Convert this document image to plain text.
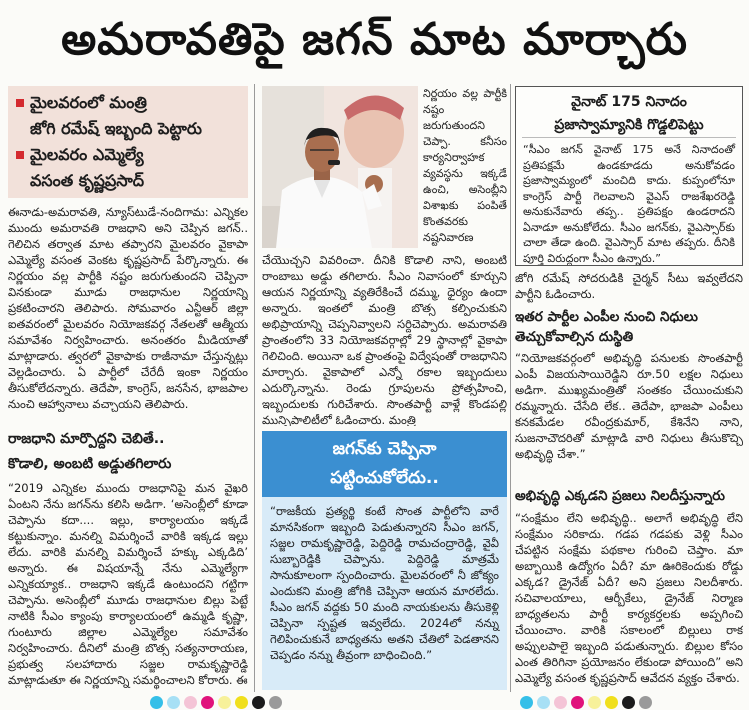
అమరావతిపై జగన్ మాట మార్చారు
మైలవరంలో మంత్రి
జోగి రమేష్ ఇబ్బంది పెట్టారు
మైలవరం ఎమ్మెల్యే
వసంత కృష్ణప్రసాద్
ఈనాడు-అమరావతి, న్యూస్‌టుడే-నందిగామ: ఎన్నికల ముందు అమరావతి రాజధాని అని చెప్పిన జగన్.. గెలిచిన తర్వాత మాట తప్పారని మైలవరం వైకాపా ఎమ్మెల్యే వసంత వెంకట కృష్ణప్రసాద్ పేర్కొన్నారు. ఈ నిర్ణయం వల్ల పార్టీకి నష్టం జరుగుతుందని చెప్పినా వినకుండా మూడు రాజధానుల నిర్ణయాన్ని ప్రకటించారని తెలిపారు. సోమవారం ఎన్టీఆర్ జిల్లా ఐతవరంలో మైలవరం నియోజకవర్గ నేతలతో ఆత్మీయ సమావేశం నిర్వహించారు. అనంతరం మీడియాతో మాట్లాడారు. త్వరలో వైకాపాకు రాజీనామా చేస్తున్నట్లు వెల్లడించారు. ఏ పార్టీలో చేరేదీ ఇంకా నిర్ణయం తీసుకోలేదన్నారు. తెదేపా, కాంగ్రెస్, జనసేన, భాజపాల నుంచి ఆహ్వానాలు వచ్చాయని తెలిపారు.
రాజధాని మార్పొద్దని చెబితే..
కొడాలి, అంబటి అడ్డుతగిలారు
“2019 ఎన్నికల ముందు రాజధానిపై మన వైఖరి ఏంటని నేను జగన్‌ను కలిసి అడిగా. ‘అసెంబ్లీలో కూడా చెప్పాను కదా.... ఇల్లు, కార్యాలయం ఇక్కడే కట్టుకున్నాం. మనల్ని విమర్శించే వారికి ఇక్కడ ఇల్లు లేదు. వారికి మనల్ని విమర్శించే హక్కు ఎక్కడిది’ అన్నారు. ఈ విషయాన్నే నేను ఎమ్మెల్యేగా ఎన్నికయ్యాక.. రాజధాని ఇక్కడే ఉంటుందని గట్టిగా చెప్పాను. అసెంబ్లీలో మూడు రాజధానుల బిల్లు పెట్టే నాటికి సీఎం క్యాంపు కార్యాలయంలో ఉమ్మడి కృష్ణా, గుంటూరు జిల్లాల ఎమ్మెల్యేల సమావేశం నిర్వహించారు. దీనిలో మంత్రి బొత్స సత్యనారాయణ, ప్రభుత్వ సలహాదారు సజ్జల రామకృష్ణారెడ్డి మాట్లాడుతూ ఈ నిర్ణయాన్ని సమర్థించాలని కోరారు. ఈ
నిర్ణయం వల్ల పార్టీకి నష్టం జరుగుతుందని చెప్పా. కనీసం కార్యనిర్వాహక వ్యవస్థను ఇక్కడే ఉంచి, అసెంబ్లీని విశాఖకు పంపితే కొంతవరకు నష్టనివారణ
చేయొచ్చని వివరించా. దీనికి కొడాలి నాని, అంబటి రాంబాబు అడ్డు తగిలారు. సీఎం నివాసంలో కూర్చుని ఆయన నిర్ణయాన్ని వ్యతిరేకించే దమ్ము, ధైర్యం ఉందా అన్నారు. ఇంతలో మంత్రి బొత్స కల్పించుకుని అభిప్రాయాన్ని చెప్పనివ్వాలని సర్దిచెప్పారు. అమరావతి ప్రాంతంలోని 33 నియోజకవర్గాల్లో 29 స్థానాల్లో వైకాపా గెలిచింది. అయినా ఒక ప్రాంతంపై విద్వేషంతో రాజధానిని మార్చారు. వైకాపాలో ఎన్నో రకాల ఇబ్బందులు ఎదుర్కొన్నాను. రెండు గ్రూపులను ప్రోత్సహించి, ఇబ్బందులకు గురిచేశారు. సొంతపార్టీ వాళ్లే కొండపల్లి మున్సిపాలిటీలో ఓడించారు. మంత్రి
జగన్‌కు చెప్పినా
పట్టించుకోలేదు..
“రాజకీయ ప్రత్యర్థి కంటే సొంత పార్టీలోని వారే మానసికంగా ఇబ్బంది పెడుతున్నారని సీఎం జగన్, సజ్జల రామకృష్ణారెడ్డి, పెద్దిరెడ్డి రామచంద్రారెడ్డి, వైవీ సుబ్బారెడ్డికి చెప్పాను. పెద్దిరెడ్డి మాత్రమే సానుకూలంగా స్పందించారు. మైలవరంలో నీ జోక్యం ఎందుకని మంత్రి జోగికి చెప్పినా ఆయన మారలేదు. సీఎం జగన్ వద్దకు 50 మంది నాయకులను తీసుకెళ్లి చెప్పినా స్పష్టత ఇవ్వలేదు. 2024లో నన్ను గెలిపించుకునే బాధ్యతను అతని చేతిలో పెడతానని చెప్పడం నన్ను తీవ్రంగా బాధించింది.”
వైనాట్ 175 నినాదం
ప్రజాస్వామ్యానికి గొడ్డలిపెట్టు
“సీఎం జగన్ వైనాట్ 175 అనే నినాదంతో ప్రతిపక్షమే ఉండకూడదు అనుకోవడం ప్రజాస్వామ్యంలో మంచిది కాదు. కుప్పంలోనూ కాంగ్రెస్ పార్టీ గెలవాలని వైఎస్ రాజశేఖరరెడ్డి అనుకునేవారు తప్ప.. ప్రతిపక్షం ఉండరాదని ఏనాడూ అనుకోలేదు. సీఎం జగన్‌కు, వైఎస్సార్‌కు చాలా తేడా ఉంది. వైఎస్సార్ మాట తప్పరు. దీనికి పూర్తి విరుద్ధంగా సీఎం ఉన్నారు.”
జోగి రమేష్ సోదరుడికి చైర్మన్ సీటు ఇవ్వలేదని పార్టీని ఓడించారు.
ఇతర పార్టీల ఎంపీల నుంచి నిధులు తెచ్చుకోవాల్సిన దుస్థితి
“నియోజకవర్గంలో అభివృద్ధి పనులకు సొంతపార్టీ ఎంపీ విజయసాయిరెడ్డిని రూ.50 లక్షల నిధులు అడిగా. ముఖ్యమంత్రితో సంతకం చేయించుకుని రమ్మన్నారు. చేసేది లేక.. తెదేపా, భాజపా ఎంపీలు కనకమేడల రవీంద్రకుమార్, కేశినేని నాని, సుజనాచౌదరితో మాట్లాడి వారి నిధులు తీసుకొచ్చి అభివృద్ధి చేశా.”
అభివృద్ధి ఎక్కడని ప్రజలు నిలదీస్తున్నారు
“సంక్షేమం లేని అభివృద్ధి.. అలాగే అభివృద్ధి లేని సంక్షేమం సరికాదు. గడప గడపకు వెళ్లి సీఎం చేపట్టిన సంక్షేమ పథకాల గురించి చెప్తాం. మా అబ్బాయికి ఉద్యోగం ఏదీ? మా ఊరికెందుకు రోడ్డు ఎక్కడ? డ్రైనేజ్ ఏదీ? అని ప్రజలు నిలదీశారు. సచివాలయాలు, ఆర్బీకేలు, డ్రైనేజ్ నిర్మాణ బాధ్యతలను పార్టీ కార్యకర్తలకు అప్పగించి చేయించాం. వారికి సకాలంలో బిల్లులు రాక అప్పులపాలై ఇబ్బంది పడుతున్నారు. బిల్లుల కోసం ఎంత తిరిగినా ప్రయోజనం లేకుండా పోయింది” అని ఎమ్మెల్యే వసంత కృష్ణప్రసాద్ ఆవేదన వ్యక్తం చేశారు.
